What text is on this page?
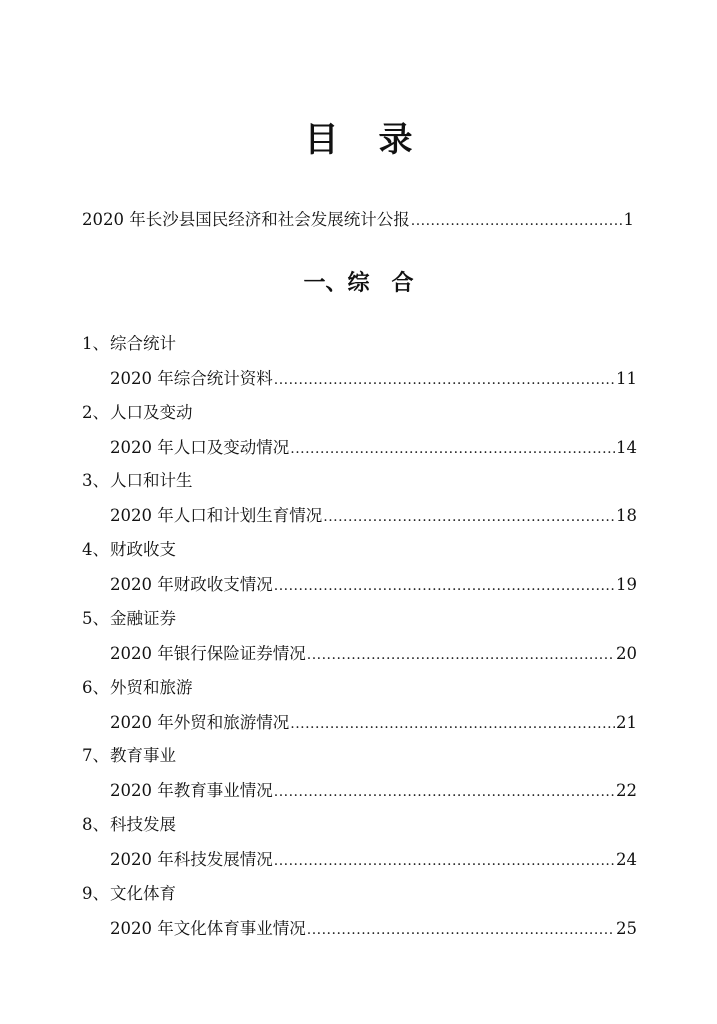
目 录
2020 年长沙县国民经济和社会发展统计公报 .....	1
一、综 合
1、综合统计
2020 年综合统计资料 .....	11
2、人口及变动
2020 年人口及变动情况 .....	14
3、人口和计生
2020 年人口和计划生育情况 .....	18
4、财政收支
2020 年财政收支情况 .....	19
5、金融证券
2020 年银行保险证券情况 .....	20
6、外贸和旅游
2020 年外贸和旅游情况 .....	21
7、教育事业
2020 年教育事业情况 .....	22
8、科技发展
2020 年科技发展情况 .....	24
9、文化体育
2020 年文化体育事业情况 .....	25
